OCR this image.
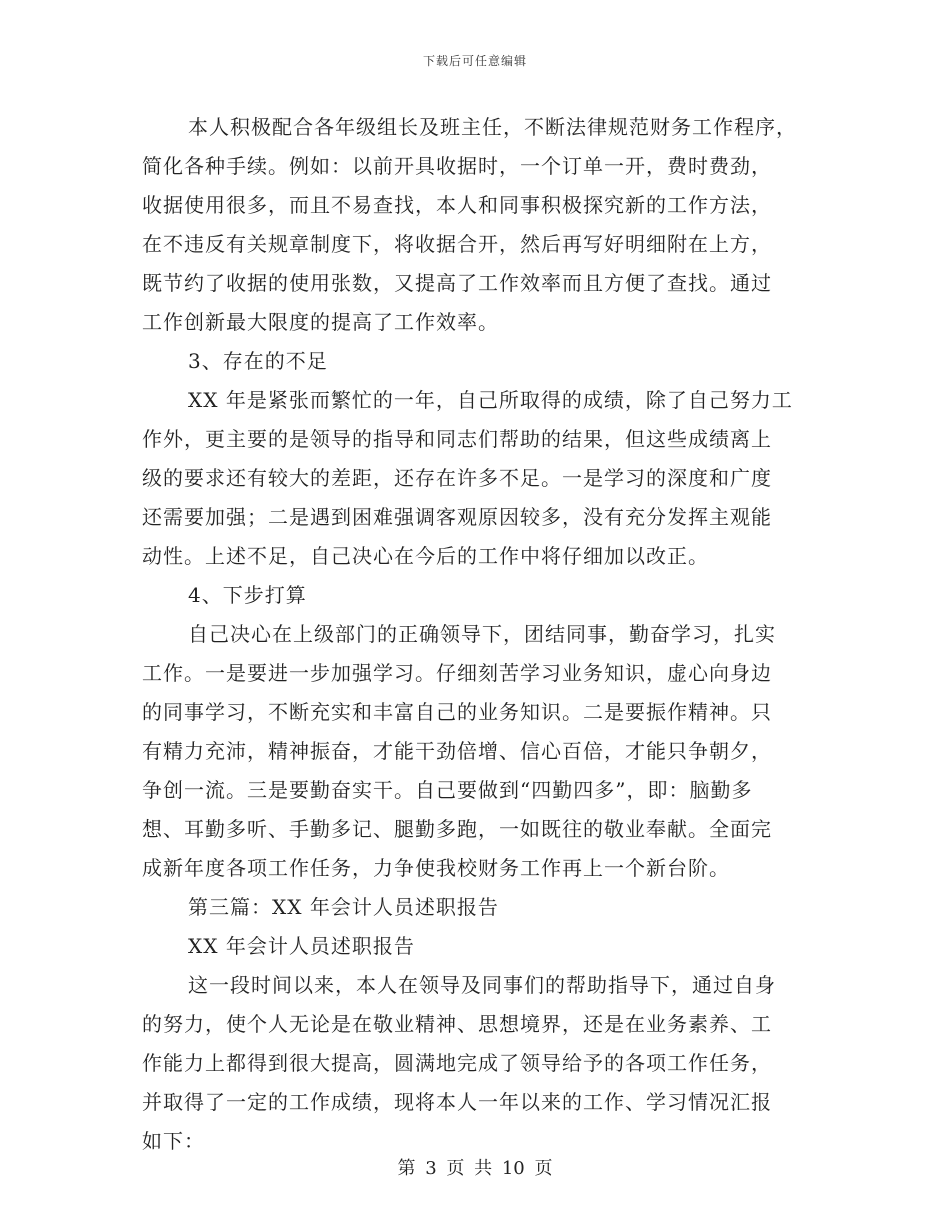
下载后可任意编辑
本人积极配合各年级组长及班主任，不断法律规范财务工作程序，
简化各种手续。例如：以前开具收据时，一个订单一开，费时费劲，
收据使用很多，而且不易查找，本人和同事积极探究新的工作方法，
在不违反有关规章制度下，将收据合开，然后再写好明细附在上方，
既节约了收据的使用张数，又提高了工作效率而且方便了查找。通过
工作创新最大限度的提高了工作效率。
3、存在的不足
XX 年是紧张而繁忙的一年，自己所取得的成绩，除了自己努力工
作外，更主要的是领导的指导和同志们帮助的结果，但这些成绩离上
级的要求还有较大的差距，还存在许多不足。一是学习的深度和广度
还需要加强；二是遇到困难强调客观原因较多，没有充分发挥主观能
动性。上述不足，自己决心在今后的工作中将仔细加以改正。
4、下步打算
自己决心在上级部门的正确领导下，团结同事，勤奋学习，扎实
工作。一是要进一步加强学习。仔细刻苦学习业务知识，虚心向身边
的同事学习，不断充实和丰富自己的业务知识。二是要振作精神。只
有精力充沛，精神振奋，才能干劲倍增、信心百倍，才能只争朝夕，
争创一流。三是要勤奋实干。自己要做到“四勤四多”，即：脑勤多
想、耳勤多听、手勤多记、腿勤多跑，一如既往的敬业奉献。全面完
成新年度各项工作任务，力争使我校财务工作再上一个新台阶。
第三篇：XX 年会计人员述职报告
XX 年会计人员述职报告
这一段时间以来，本人在领导及同事们的帮助指导下，通过自身
的努力，使个人无论是在敬业精神、思想境界，还是在业务素养、工
作能力上都得到很大提高，圆满地完成了领导给予的各项工作任务，
并取得了一定的工作成绩，现将本人一年以来的工作、学习情况汇报
如下：
第 3 页 共 10 页
